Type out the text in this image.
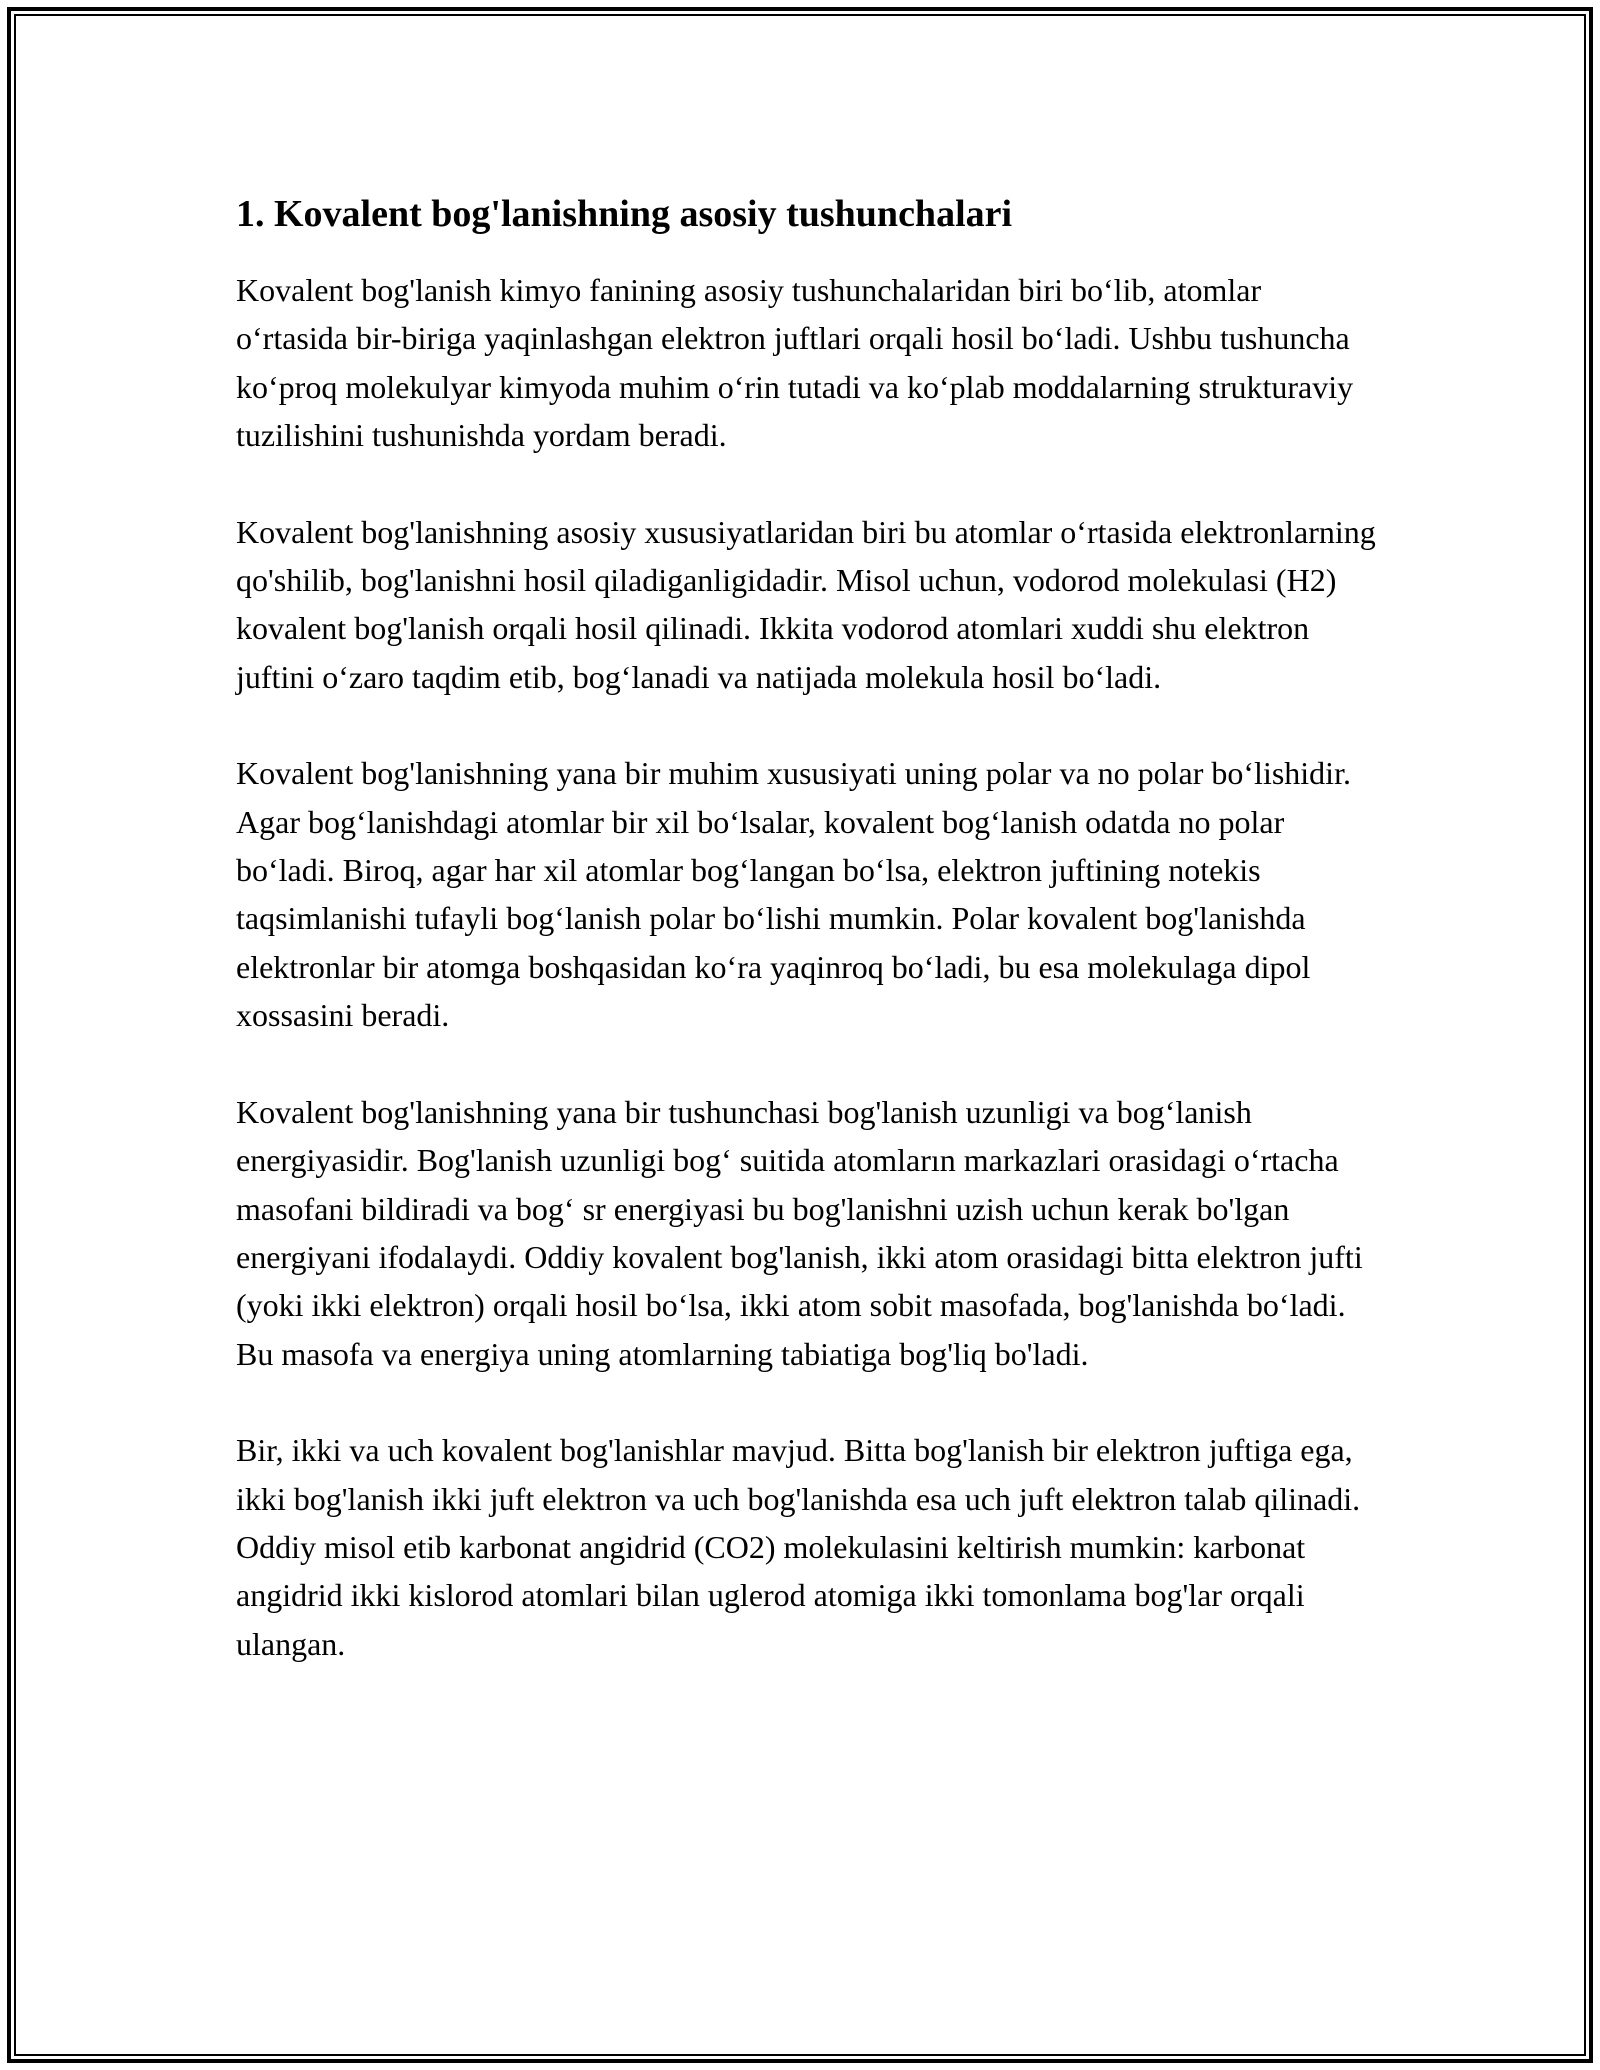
1. Kovalent bog'lanishning asosiy tushunchalari

Kovalent bog'lanish kimyo fanining asosiy tushunchalaridan biri bo‘lib, atomlar o‘rtasida bir-biriga yaqinlashgan elektron juftlari orqali hosil bo‘ladi. Ushbu tushuncha ko‘proq molekulyar kimyoda muhim o‘rin tutadi va ko‘plab moddalarning strukturaviy tuzilishini tushunishda yordam beradi.

Kovalent bog'lanishning asosiy xususiyatlaridan biri bu atomlar o‘rtasida elektronlarning qo'shilib, bog'lanishni hosil qiladiganligidadir. Misol uchun, vodorod molekulasi (H2) kovalent bog'lanish orqali hosil qilinadi. Ikkita vodorod atomlari xuddi shu elektron juftini o‘zaro taqdim etib, bog‘lanadi va natijada molekula hosil bo‘ladi.

Kovalent bog'lanishning yana bir muhim xususiyati uning polar va no polar bo‘lishidir. Agar bog‘lanishdagi atomlar bir xil bo‘lsalar, kovalent bog‘lanish odatda no polar bo‘ladi. Biroq, agar har xil atomlar bog‘langan bo‘lsa, elektron juftining notekis taqsimlanishi tufayli bog‘lanish polar bo‘lishi mumkin. Polar kovalent bog'lanishda elektronlar bir atomga boshqasidan ko‘ra yaqinroq bo‘ladi, bu esa molekulaga dipol xossasini beradi.

Kovalent bog'lanishning yana bir tushunchasi bog'lanish uzunligi va bog‘lanish energiyasidir. Bog'lanish uzunligi bog‘ suitida atomların markazlari orasidagi o‘rtacha masofani bildiradi va bog‘ sr energiyasi bu bog'lanishni uzish uchun kerak bo'lgan energiyani ifodalaydi. Oddiy kovalent bog'lanish, ikki atom orasidagi bitta elektron jufti (yoki ikki elektron) orqali hosil bo‘lsa, ikki atom sobit masofada, bog'lanishda bo‘ladi. Bu masofa va energiya uning atomlarning tabiatiga bog'liq bo'ladi.

Bir, ikki va uch kovalent bog'lanishlar mavjud. Bitta bog'lanish bir elektron juftiga ega, ikki bog'lanish ikki juft elektron va uch bog'lanishda esa uch juft elektron talab qilinadi. Oddiy misol etib karbonat angidrid (CO2) molekulasini keltirish mumkin: karbonat angidrid ikki kislorod atomlari bilan uglerod atomiga ikki tomonlama bog'lar orqali ulangan.
